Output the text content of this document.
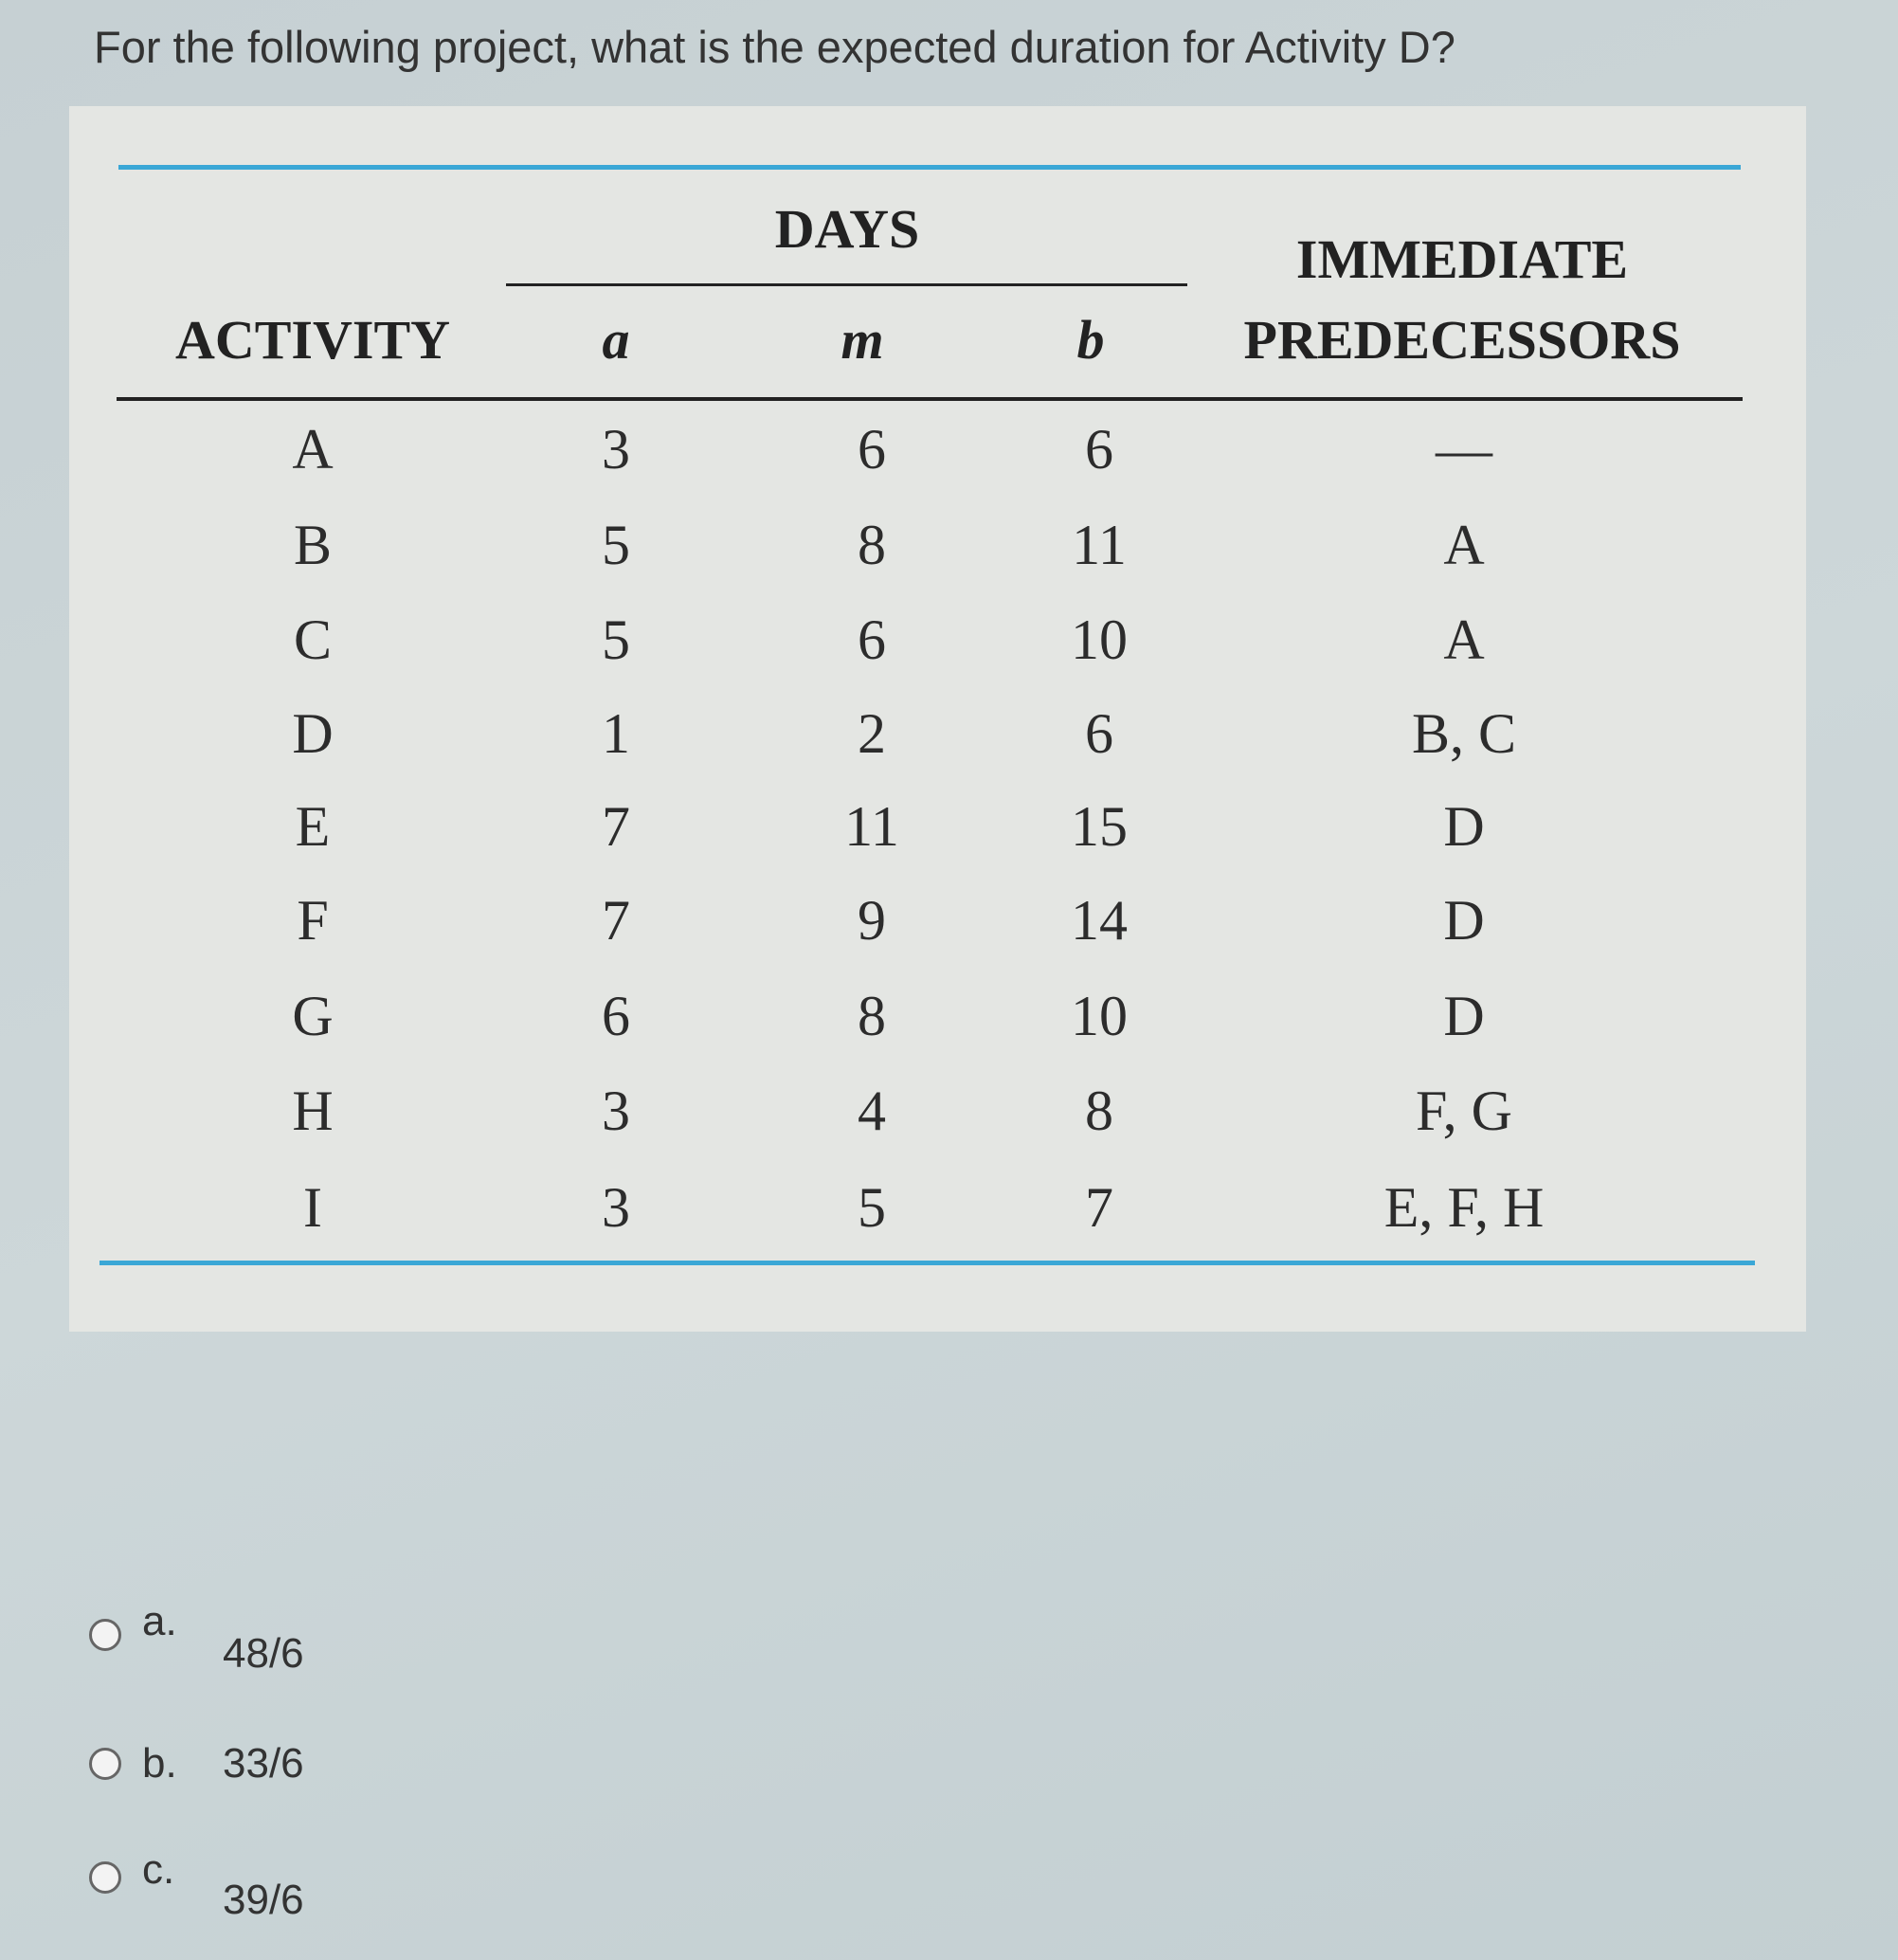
For the following project, what is the expected duration for Activity D?
DAYS	IMMEDIATE
ACTIVITY	a	m	b	PREDECESSORS
A	3	6	6	—
B	5	8	11	A
C	5	6	10	A
D	1	2	6	B, C
E	7	11	15	D
F	7	9	14	D
G	6	8	10	D
H	3	4	8	F, G
I	3	5	7	E, F, H
a.
48/6
b.	33/6
c.
39/6
